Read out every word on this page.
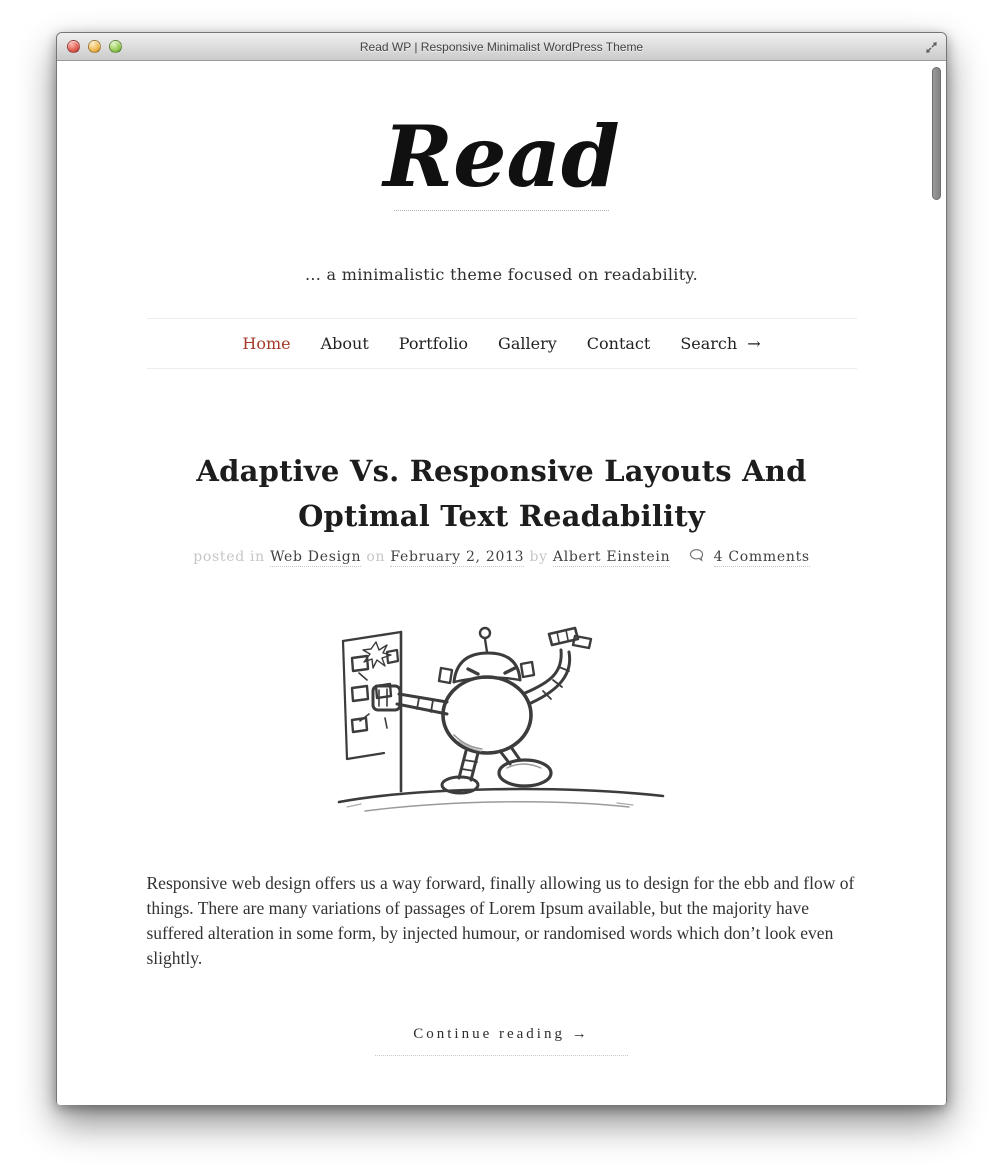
Read WP | Responsive Minimalist WordPress Theme
Read
... a minimalistic theme focused on readability.
Home About Portfolio Gallery Contact Search →
Adaptive Vs. Responsive Layouts And Optimal Text Readability
posted in Web Design on February 2, 2013 by Albert Einstein	4 Comments

Responsive web design offers us a way forward, finally allowing us to design for the ebb and flow of things. There are many variations of passages of Lorem Ipsum available, but the majority have suffered alteration in some form, by injected humour, or randomised words which don’t look even slightly.

Continue reading →
